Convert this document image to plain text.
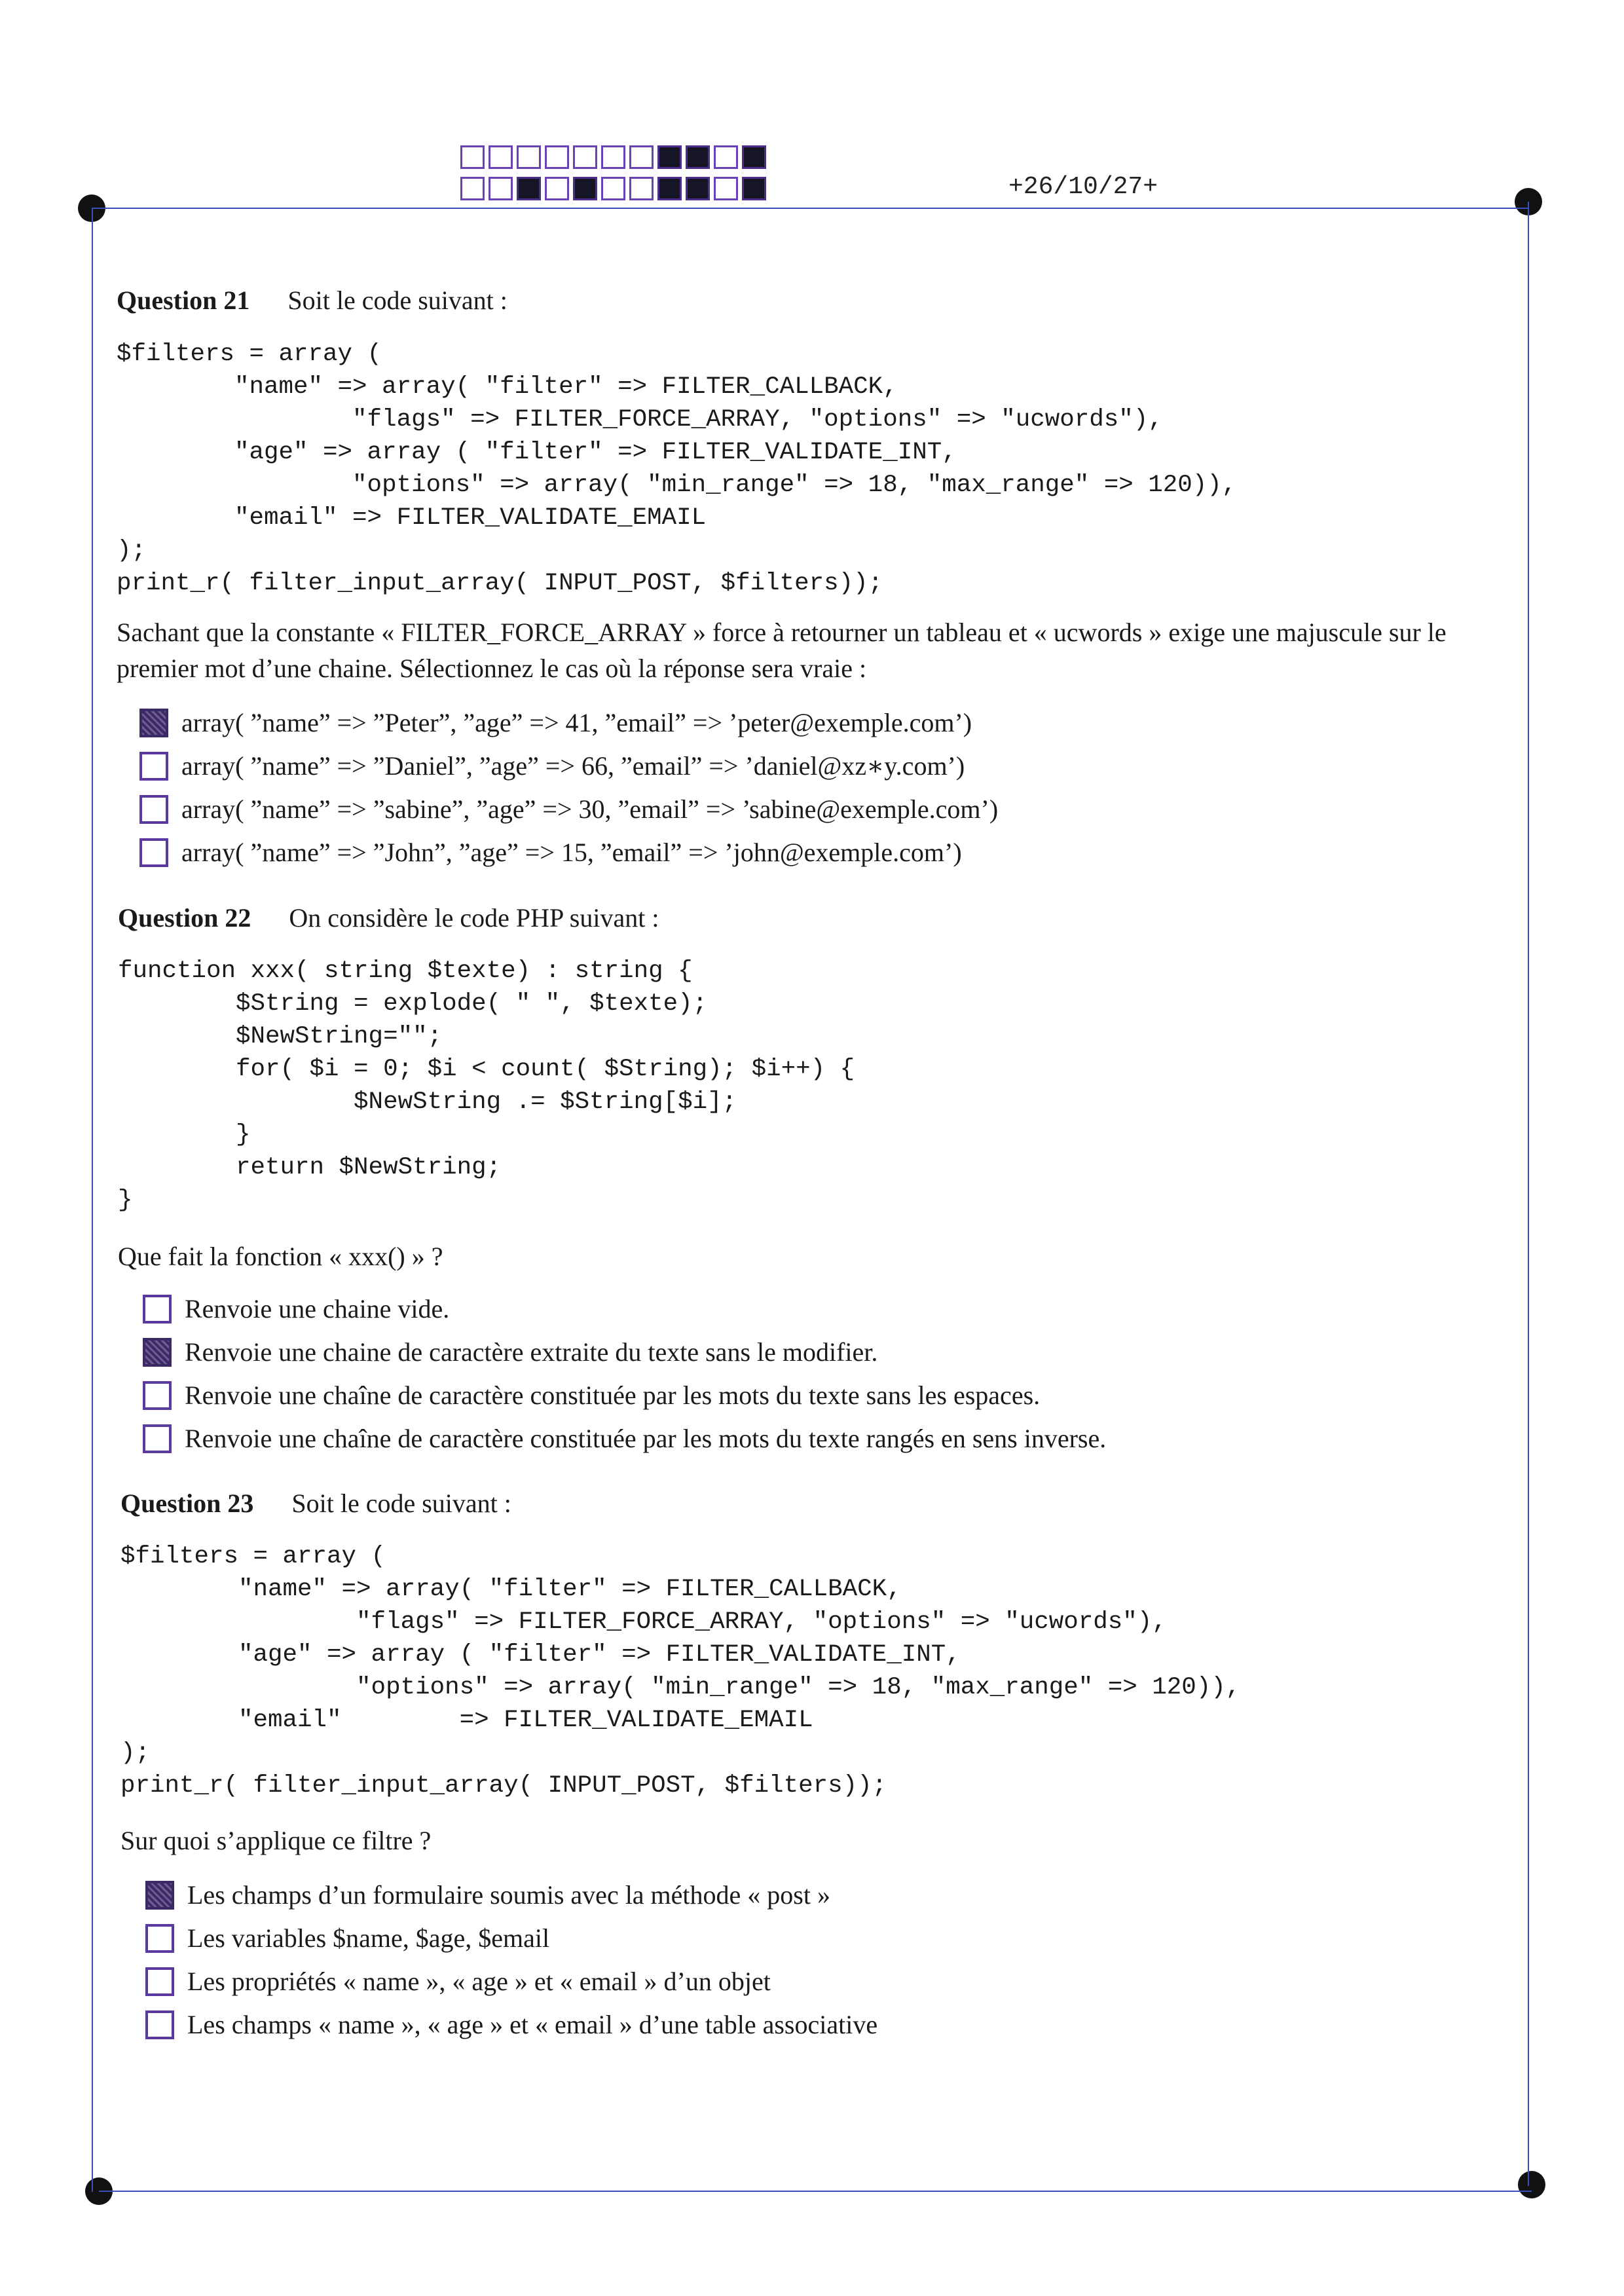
+26/10/27+
Question 21 Soit le code suivant :
$filters = array (
"name" => array( "filter" => FILTER_CALLBACK,
"flags" => FILTER_FORCE_ARRAY, "options" => "ucwords"),
"age" => array ( "filter" => FILTER_VALIDATE_INT,
"options" => array( "min_range" => 18, "max_range" => 120)),
"email" => FILTER_VALIDATE_EMAIL
);
print_r( filter_input_array( INPUT_POST, $filters));
Sachant que la constante « FILTER_FORCE_ARRAY » force à retourner un tableau et « ucwords » exige une majuscule sur le premier mot d’une chaine. Sélectionnez le cas où la réponse sera vraie :
array( ”name” => ”Peter”, ”age” => 41, ”email” => ’peter@exemple.com’)
array( ”name” => ”Daniel”, ”age” => 66, ”email” => ’daniel@xz∗y.com’)
array( ”name” => ”sabine”, ”age” => 30, ”email” => ’sabine@exemple.com’)
array( ”name” => ”John”, ”age” => 15, ”email” => ’john@exemple.com’)
Question 22 On considère le code PHP suivant :
function xxx( string $texte) : string {
$String = explode( " ", $texte);
$NewString="";
for( $i = 0; $i < count( $String); $i++) {
$NewString .= $String[$i];
}
return $NewString;
}
Que fait la fonction « xxx() » ?
Renvoie une chaine vide.
Renvoie une chaine de caractère extraite du texte sans le modifier.
Renvoie une chaîne de caractère constituée par les mots du texte sans les espaces.
Renvoie une chaîne de caractère constituée par les mots du texte rangés en sens inverse.
Question 23 Soit le code suivant :
$filters = array (
"name" => array( "filter" => FILTER_CALLBACK,
"flags" => FILTER_FORCE_ARRAY, "options" => "ucwords"),
"age" => array ( "filter" => FILTER_VALIDATE_INT,
"options" => array( "min_range" => 18, "max_range" => 120)),
"email"        => FILTER_VALIDATE_EMAIL
);
print_r( filter_input_array( INPUT_POST, $filters));
Sur quoi s’applique ce filtre ?
Les champs d’un formulaire soumis avec la méthode « post »
Les variables $name, $age, $email
Les propriétés « name », « age » et « email » d’un objet
Les champs « name », « age » et « email » d’une table associative
